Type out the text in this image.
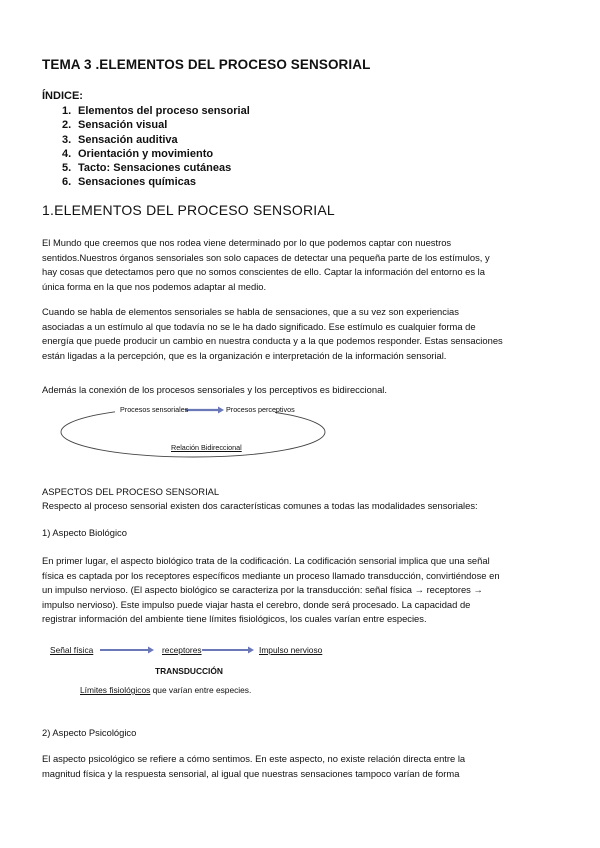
TEMA 3 .ELEMENTOS DEL PROCESO SENSORIAL
ÍNDICE:
1. Elementos del proceso sensorial
2. Sensación visual
3. Sensación auditiva
4. Orientación y movimiento
5. Tacto: Sensaciones cutáneas
6. Sensaciones químicas
1.ELEMENTOS DEL PROCESO SENSORIAL
El Mundo que creemos que nos rodea viene determinado por lo que podemos captar con nuestros
sentidos.Nuestros órganos sensoriales son solo capaces de detectar una pequeña parte de los estímulos, y
hay cosas que detectamos pero que no somos conscientes de ello. Captar la información del entorno es la
única forma en la que nos podemos adaptar al medio.
Cuando se habla de elementos sensoriales se habla de sensaciones, que a su vez son experiencias
asociadas a un estímulo al que todavía no se le ha dado significado. Ese estímulo es cualquier forma de
energía que puede producir un cambio en nuestra conducta y a la que podemos responder. Estas sensaciones
están ligadas a la percepción, que es la organización e interpretación de la información sensorial.
Además la conexión de los procesos sensoriales y los perceptivos es bidireccional.
Procesos sensoriales	Procesos perceptivos
Relación Bidireccional
ASPECTOS DEL PROCESO SENSORIAL
Respecto al proceso sensorial existen dos características comunes a todas las modalidades sensoriales:
1) Aspecto Biológico
En primer lugar, el aspecto biológico trata de la codificación. La codificación sensorial implica que una señal
física es captada por los receptores específicos mediante un proceso llamado transducción, convirtiéndose en
un impulso nervioso. (El aspecto biológico se caracteriza por la transducción: señal física → receptores →
impulso nervioso). Este impulso puede viajar hasta el cerebro, donde será procesado. La capacidad de
registrar información del ambiente tiene límites fisiológicos, los cuales varían entre especies.
Señal física	receptores	Impulso nervioso
TRANSDUCCIÓN
Límites fisiológicos que varían entre especies.
2) Aspecto Psicológico
El aspecto psicológico se refiere a cómo sentimos. En este aspecto, no existe relación directa entre la
magnitud física y la respuesta sensorial, al igual que nuestras sensaciones tampoco varían de forma
